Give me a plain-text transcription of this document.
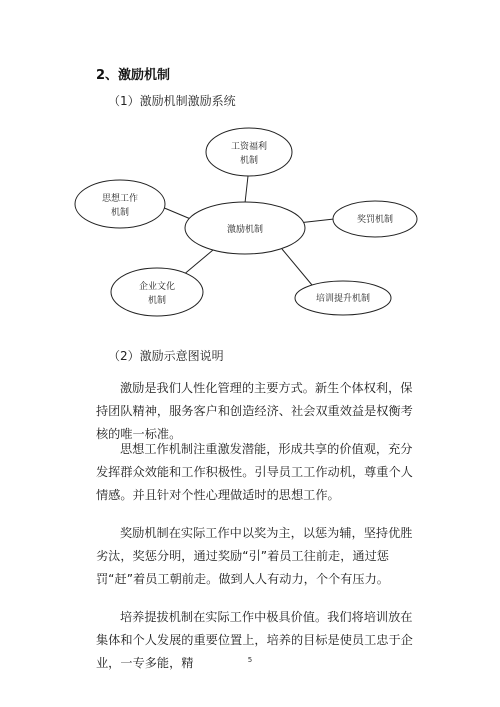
2、激励机制
（1）激励机制激励系统
激励机制
工资福利
机制
思想工作
机制
奖罚机制
企业文化
机制	培训提升机制
（2）激励示意图说明

激励是我们人性化管理的主要方式。新生个体权利，保持团队精神，服务客户和创造经济、社会双重效益是权衡考核的唯一标准。

思想工作机制注重激发潜能，形成共享的价值观，充分发挥群众效能和工作积极性。引导员工工作动机，尊重个人情感。并且针对个性心理做适时的思想工作。

奖励机制在实际工作中以奖为主，以惩为辅，坚持优胜劣汰，奖惩分明，通过奖励“引”着员工往前走，通过惩罚“赶”着员工朝前走。做到人人有动力，个个有压力。

培养提拔机制在实际工作中极具价值。我们将培训放在集体和个人发展的重要位置上，培养的目标是使员工忠于企业，一专多能，精	5
